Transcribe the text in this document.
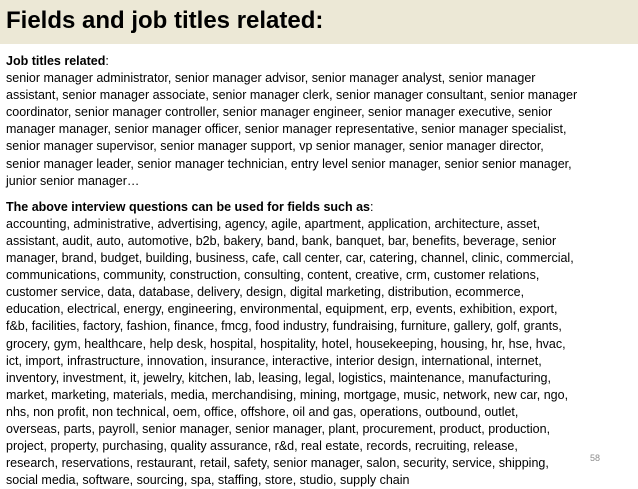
Fields and job titles related:
Job titles related:
senior manager administrator, senior manager advisor, senior manager analyst, senior manager
assistant, senior manager associate, senior manager clerk, senior manager consultant, senior manager
coordinator, senior manager controller, senior manager engineer, senior manager executive, senior
manager manager, senior manager officer, senior manager representative, senior manager specialist,
senior manager supervisor, senior manager support, vp senior manager, senior manager director,
senior manager leader, senior manager technician, entry level senior manager, senior senior manager,
junior senior manager…
The above interview questions can be used for fields such as:
accounting, administrative, advertising, agency, agile, apartment, application, architecture, asset,
assistant, audit, auto, automotive, b2b, bakery, band, bank, banquet, bar, benefits, beverage, senior
manager, brand, budget, building, business, cafe, call center, car, catering, channel, clinic, commercial,
communications, community, construction, consulting, content, creative, crm, customer relations,
customer service, data, database, delivery, design, digital marketing, distribution, ecommerce,
education, electrical, energy, engineering, environmental, equipment, erp, events, exhibition, export,
f&b, facilities, factory, fashion, finance, fmcg, food industry, fundraising, furniture, gallery, golf, grants,
grocery, gym, healthcare, help desk, hospital, hospitality, hotel, housekeeping, housing, hr, hse, hvac,
ict, import, infrastructure, innovation, insurance, interactive, interior design, international, internet,
inventory, investment, it, jewelry, kitchen, lab, leasing, legal, logistics, maintenance, manufacturing,
market, marketing, materials, media, merchandising, mining, mortgage, music, network, new car, ngo,
nhs, non profit, non technical, oem, office, offshore, oil and gas, operations, outbound, outlet,
overseas, parts, payroll, senior manager, senior manager, plant, procurement, product, production,
project, property, purchasing, quality assurance, r&d, real estate, records, recruiting, release,
research, reservations, restaurant, retail, safety, senior manager, salon, security, service, shipping,
social media, software, sourcing, spa, staffing, store, studio, supply chain
58
